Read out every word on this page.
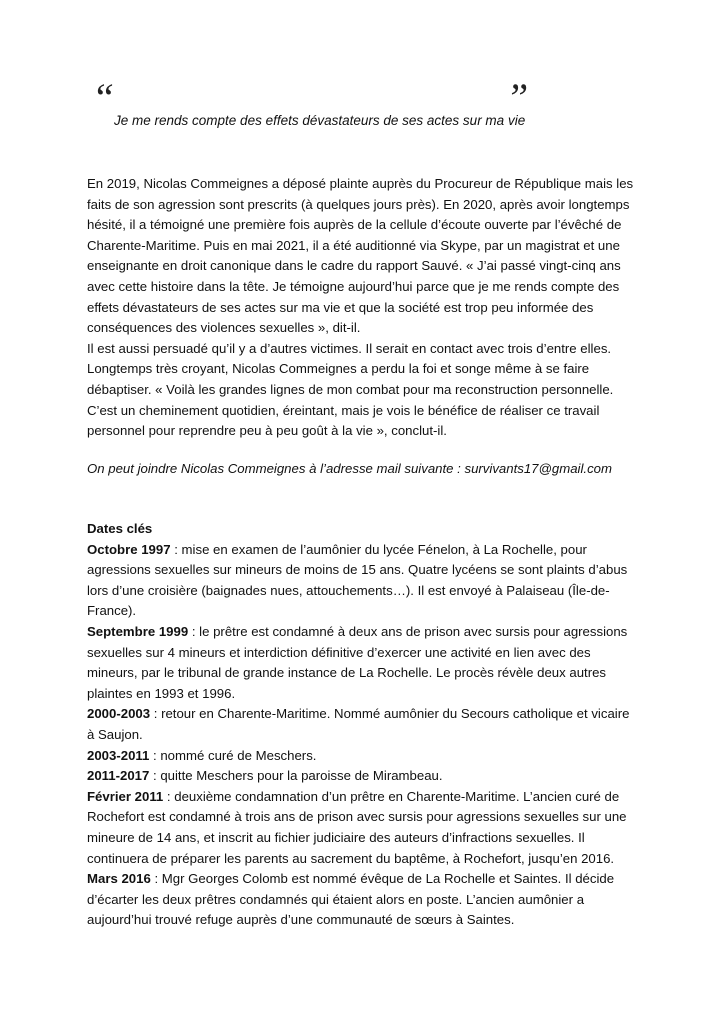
“	”
Je me rends compte des effets dévastateurs de ses actes sur ma vie

En 2019, Nicolas Commeignes a déposé plainte auprès du Procureur de République mais les faits de son agression sont prescrits (à quelques jours près). En 2020, après avoir longtemps hésité, il a témoigné une première fois auprès de la cellule d’écoute ouverte par l’évêché de Charente-Maritime. Puis en mai 2021, il a été auditionné via Skype, par un magistrat et une enseignante en droit canonique dans le cadre du rapport Sauvé. « J’ai passé vingt-cinq ans avec cette histoire dans la tête. Je témoigne aujourd’hui parce que je me rends compte des effets dévastateurs de ses actes sur ma vie et que la société est trop peu informée des conséquences des violences sexuelles », dit-il.

Il est aussi persuadé qu’il y a d’autres victimes. Il serait en contact avec trois d’entre elles. Longtemps très croyant, Nicolas Commeignes a perdu la foi et songe même à se faire débaptiser. « Voilà les grandes lignes de mon combat pour ma reconstruction personnelle. C’est un cheminement quotidien, éreintant, mais je vois le bénéfice de réaliser ce travail personnel pour reprendre peu à peu goût à la vie », conclut-il.

On peut joindre Nicolas Commeignes à l’adresse mail suivante : survivants17@gmail.com

Dates clés

Octobre 1997 : mise en examen de l’aumônier du lycée Fénelon, à La Rochelle, pour agressions sexuelles sur mineurs de moins de 15 ans. Quatre lycéens se sont plaints d’abus lors d’une croisière (baignades nues, attouchements…). Il est envoyé à Palaiseau (Île-de-France).

Septembre 1999 : le prêtre est condamné à deux ans de prison avec sursis pour agressions sexuelles sur 4 mineurs et interdiction définitive d’exercer une activité en lien avec des mineurs, par le tribunal de grande instance de La Rochelle. Le procès révèle deux autres plaintes en 1993 et 1996.

2000-2003 : retour en Charente-Maritime. Nommé aumônier du Secours catholique et vicaire à Saujon.

2003-2011 : nommé curé de Meschers.

2011-2017 : quitte Meschers pour la paroisse de Mirambeau.

Février 2011 : deuxième condamnation d’un prêtre en Charente-Maritime. L’ancien curé de Rochefort est condamné à trois ans de prison avec sursis pour agressions sexuelles sur une mineure de 14 ans, et inscrit au fichier judiciaire des auteurs d’infractions sexuelles. Il continuera de préparer les parents au sacrement du baptême, à Rochefort, jusqu’en 2016.

Mars 2016 : Mgr Georges Colomb est nommé évêque de La Rochelle et Saintes. Il décide d’écarter les deux prêtres condamnés qui étaient alors en poste. L’ancien aumônier a aujourd’hui trouvé refuge auprès d’une communauté de sœurs à Saintes.
